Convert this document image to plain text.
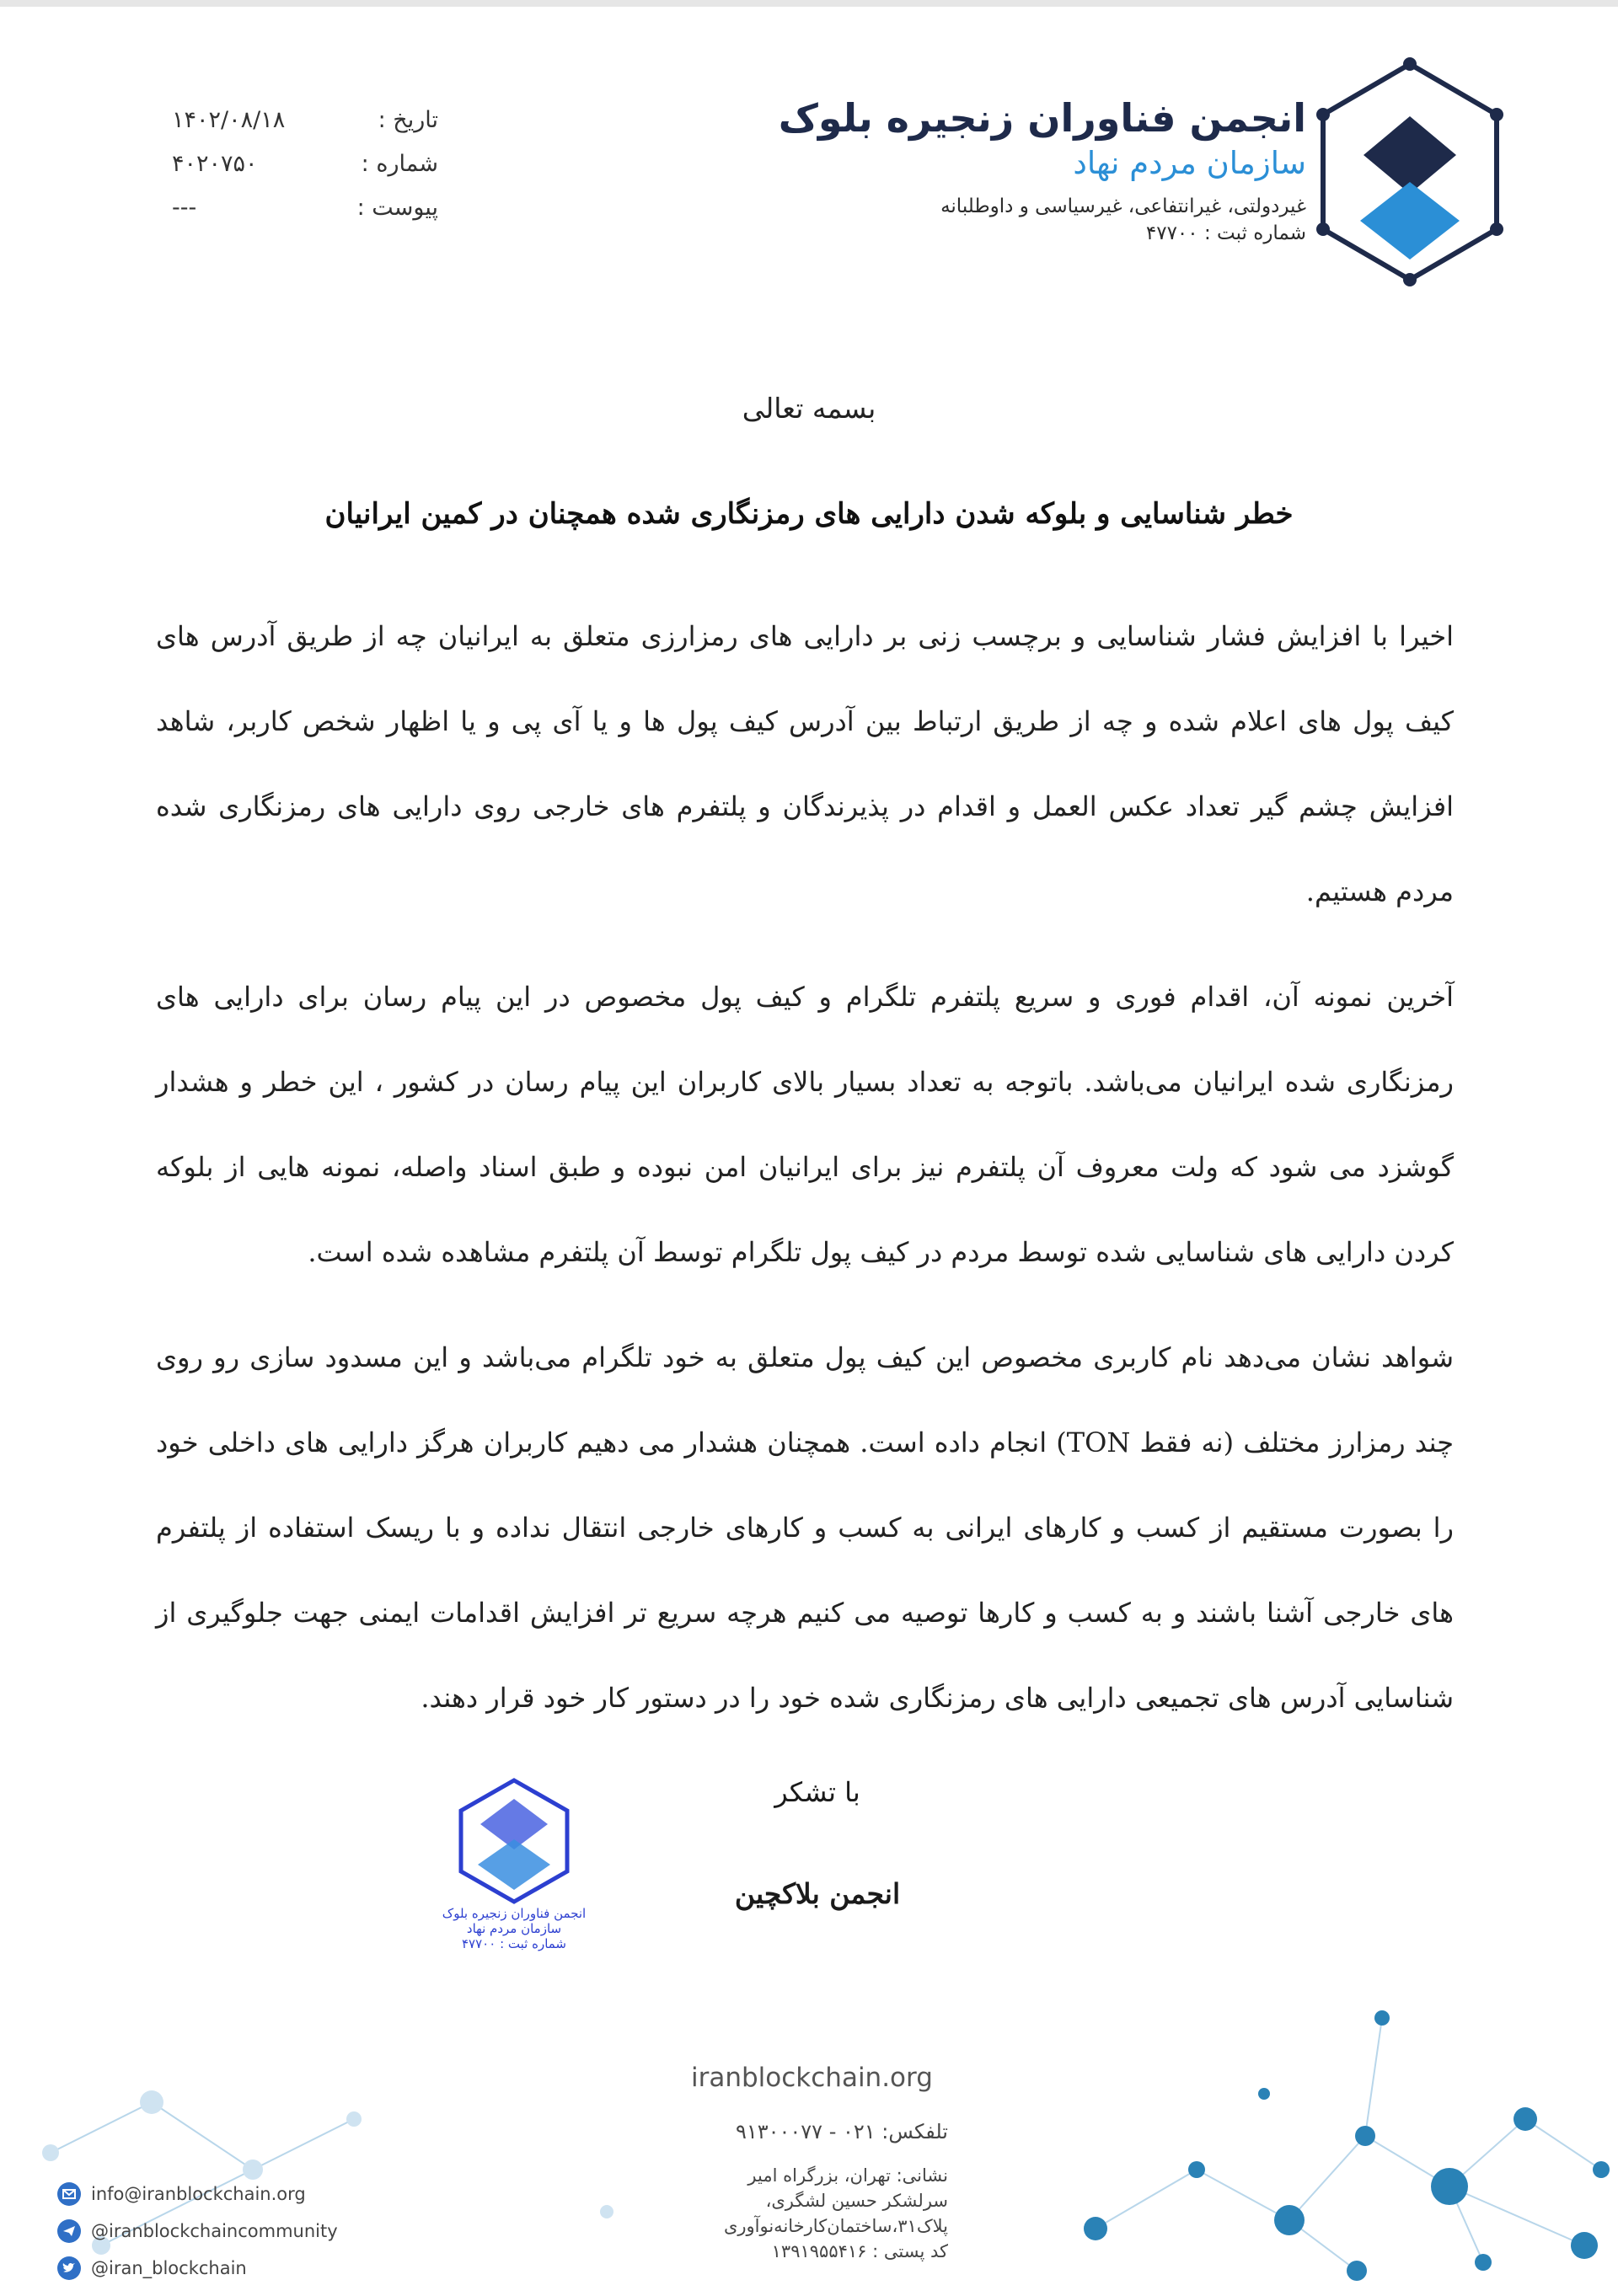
انجمن فناوران زنجیره بلوک
سازمان مردم نهاد
غیردولتی، غیرانتفاعی، غیرسیاسی و داوطلبانه
شماره ثبت : ۴۷۷۰۰
تاریخ :
۱۴۰۲/۰۸/۱۸
شماره :
۴۰۲۰۷۵۰
پیوست :
---
بسمه تعالی
خطر شناسایی و بلوکه شدن دارایی های رمزنگاری شده همچنان در کمین ایرانیان

اخیرا با افزایش فشار شناسایی و برچسب زنی بر دارایی های رمزارزی متعلق به ایرانیان چه از طریق آدرس های کیف پول های اعلام شده و چه از طریق ارتباط بین آدرس کیف پول ها و یا آی پی و یا اظهار شخص کاربر، شاهد افزایش چشم گیر تعداد عکس العمل و اقدام در پذیرندگان و پلتفرم های خارجی روی دارایی های رمزنگاری شده مردم هستیم.

آخرین نمونه آن، اقدام فوری و سریع پلتفرم تلگرام و کیف پول مخصوص در این پیام رسان برای دارایی های رمزنگاری شده ایرانیان می‌باشد. باتوجه به تعداد بسیار بالای کاربران این پیام رسان در کشور ، این خطر و هشدار گوشزد می شود که ولت معروف آن پلتفرم نیز برای ایرانیان امن نبوده و طبق اسناد واصله، نمونه هایی از بلوکه کردن دارایی های شناسایی شده توسط مردم در کیف پول تلگرام توسط آن پلتفرم مشاهده شده است.

شواهد نشان می‌دهد نام کاربری مخصوص این کیف پول متعلق به خود تلگرام می‌باشد و این مسدود سازی رو روی چند رمزارز مختلف (نه فقط TON) انجام داده است. همچنان هشدار می دهیم کاربران هرگز دارایی های داخلی خود را بصورت مستقیم از کسب و کارهای ایرانی به کسب و کارهای خارجی انتقال نداده و با ریسک استفاده از پلتفرم های خارجی آشنا باشند و به کسب و کارها توصیه می کنیم هرچه سریع تر افزایش اقدامات ایمنی جهت جلوگیری از شناسایی آدرس های تجمیعی دارایی های رمزنگاری شده خود را در دستور کار خود قرار دهند.

با تشکر
انجمن بلاکچین
انجمن فناوران زنجیره بلوک
سازمان مردم نهاد
شماره ثبت : ۴۷۷۰۰
iranblockchain.org
تلفکس: ۰۲۱ - ۹۱۳۰۰۰۷۷
نشانی: تهران، بزرگراه امیر
سرلشکر حسین لشگری،
پلاک۳۱،ساختمان‌کارخانه‌نوآوری
کد پستی : ۱۳۹۱۹۵۵۴۱۶
info@iranblockchain.org
@iranblockchaincommunity
@iran_blockchain
